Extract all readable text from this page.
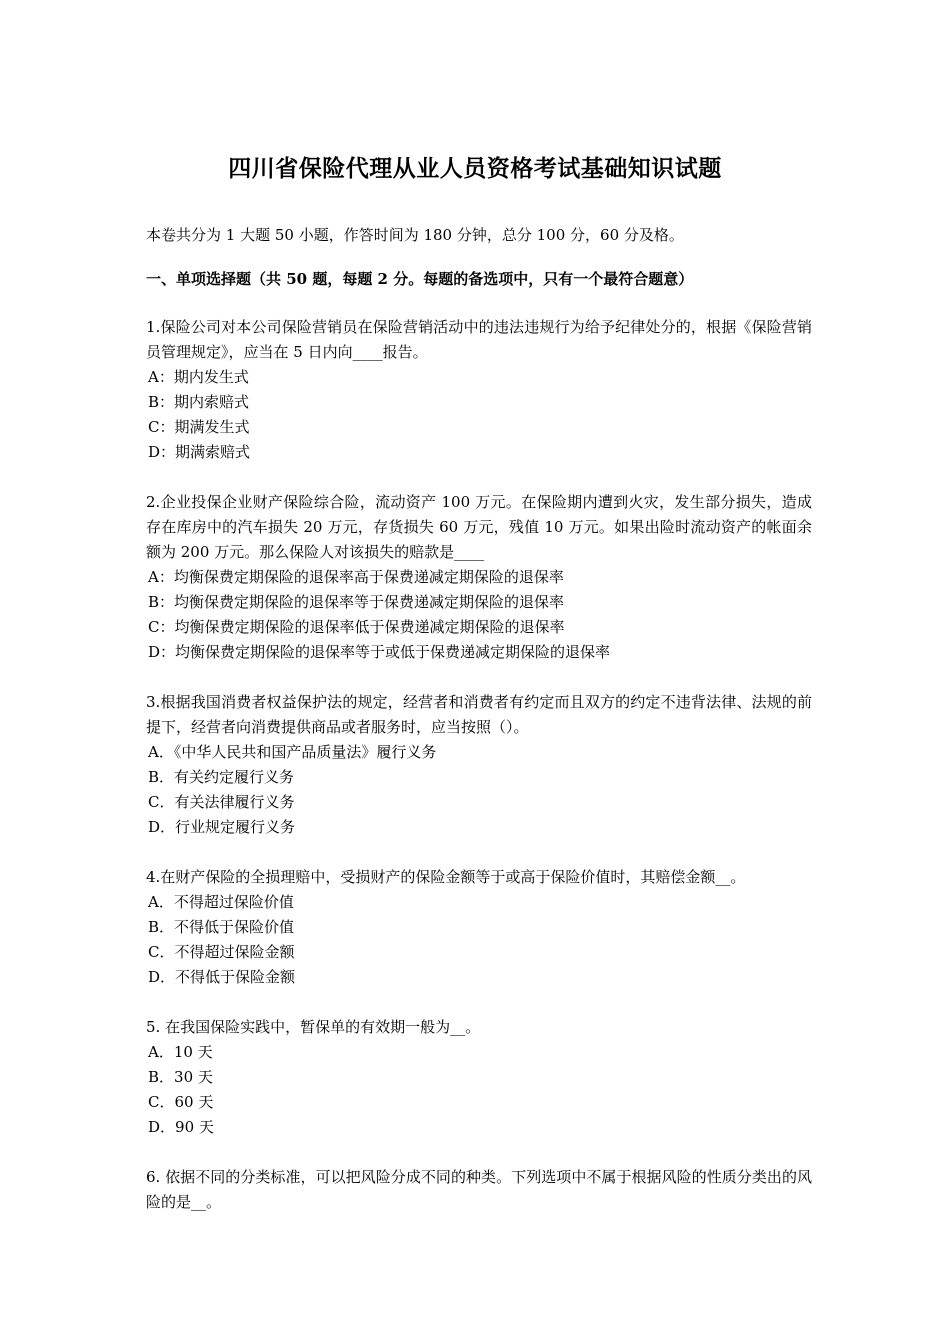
四川省保险代理从业人员资格考试基础知识试题

本卷共分为 1 大题 50 小题，作答时间为 180 分钟，总分 100 分，60 分及格。

一、单项选择题（共 50 题，每题 2 分。每题的备选项中，只有一个最符合题意）

1.保险公司对本公司保险营销员在保险营销活动中的违法违规行为给予纪律处分的，根据《保险营销员管理规定》，应当在 5 日内向____报告。

A：期内发生式

B：期内索赔式

C：期满发生式

D：期满索赔式

2.企业投保企业财产保险综合险，流动资产 100 万元。在保险期内遭到火灾，发生部分损失，造成存在库房中的汽车损失 20 万元，存货损失 60 万元，残值 10 万元。如果出险时流动资产的帐面余额为 200 万元。那么保险人对该损失的赔款是____

A：均衡保费定期保险的退保率高于保费递减定期保险的退保率

B：均衡保费定期保险的退保率等于保费递减定期保险的退保率

C：均衡保费定期保险的退保率低于保费递减定期保险的退保率

D：均衡保费定期保险的退保率等于或低于保费递减定期保险的退保率

3.根据我国消费者权益保护法的规定，经营者和消费者有约定而且双方的约定不违背法律、法规的前提下，经营者向消费提供商品或者服务时，应当按照（）。

A．《中华人民共和国产品质量法》履行义务

B．有关约定履行义务

C．有关法律履行义务

D．行业规定履行义务

4.在财产保险的全损理赔中，受损财产的保险金额等于或高于保险价值时，其赔偿金额__。

A．不得超过保险价值

B．不得低于保险价值

C．不得超过保险金额

D．不得低于保险金额

5. 在我国保险实践中，暂保单的有效期一般为__。

A．10 天

B．30 天

C．60 天

D．90 天

6. 依据不同的分类标准，可以把风险分成不同的种类。下列选项中不属于根据风险的性质分类出的风险的是__。
